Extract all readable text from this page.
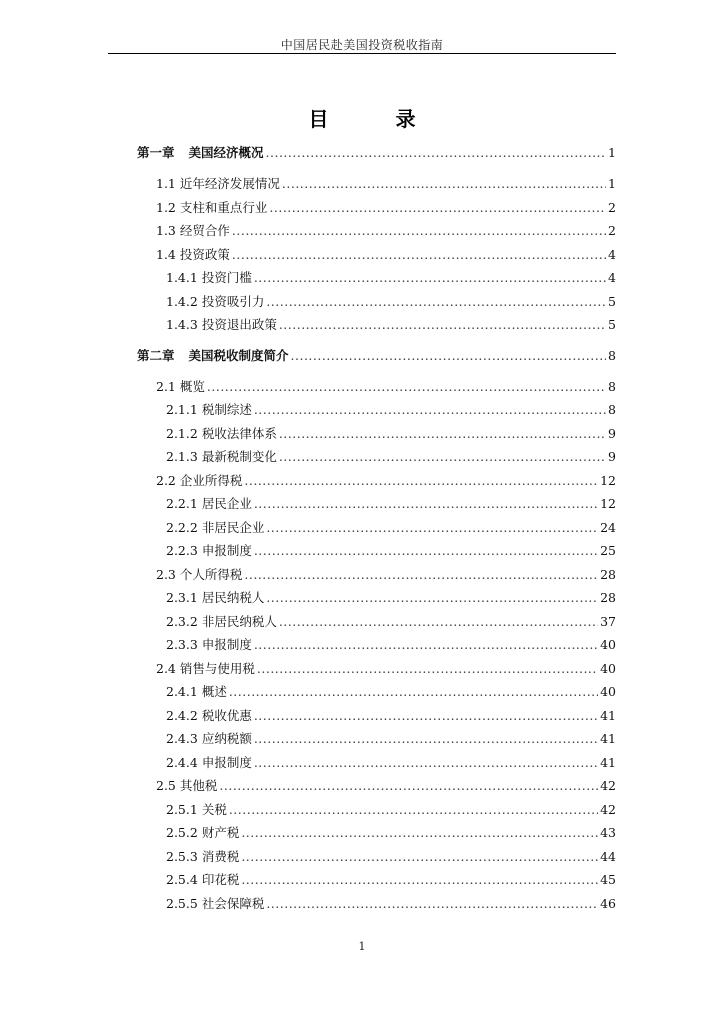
中国居民赴美国投资税收指南
目 录
第一章 美国经济概况 .....	1
1.1 近年经济发展情况 .....	1
1.2 支柱和重点行业 .....	2
1.3 经贸合作 .....	2
1.4 投资政策 .....	4
1.4.1 投资门槛 .....	4
1.4.2 投资吸引力 .....	5
1.4.3 投资退出政策 .....	5
第二章 美国税收制度简介 .....	8
2.1 概览 .....	8
2.1.1 税制综述 .....	8
2.1.2 税收法律体系 .....	9
2.1.3 最新税制变化 .....	9
2.2 企业所得税 .....	12
2.2.1 居民企业 .....	12
2.2.2 非居民企业 .....	24
2.2.3 申报制度 .....	25
2.3 个人所得税 .....	28
2.3.1 居民纳税人 .....	28
2.3.2 非居民纳税人 .....	37
2.3.3 申报制度 .....	40
2.4 销售与使用税 .....	40
2.4.1 概述 .....	40
2.4.2 税收优惠 .....	41
2.4.3 应纳税额 .....	41
2.4.4 申报制度 .....	41
2.5 其他税 .....	42
2.5.1 关税 .....	42
2.5.2 财产税 .....	43
2.5.3 消费税 .....	44
2.5.4 印花税 .....	45
2.5.5 社会保障税 .....	46
1
